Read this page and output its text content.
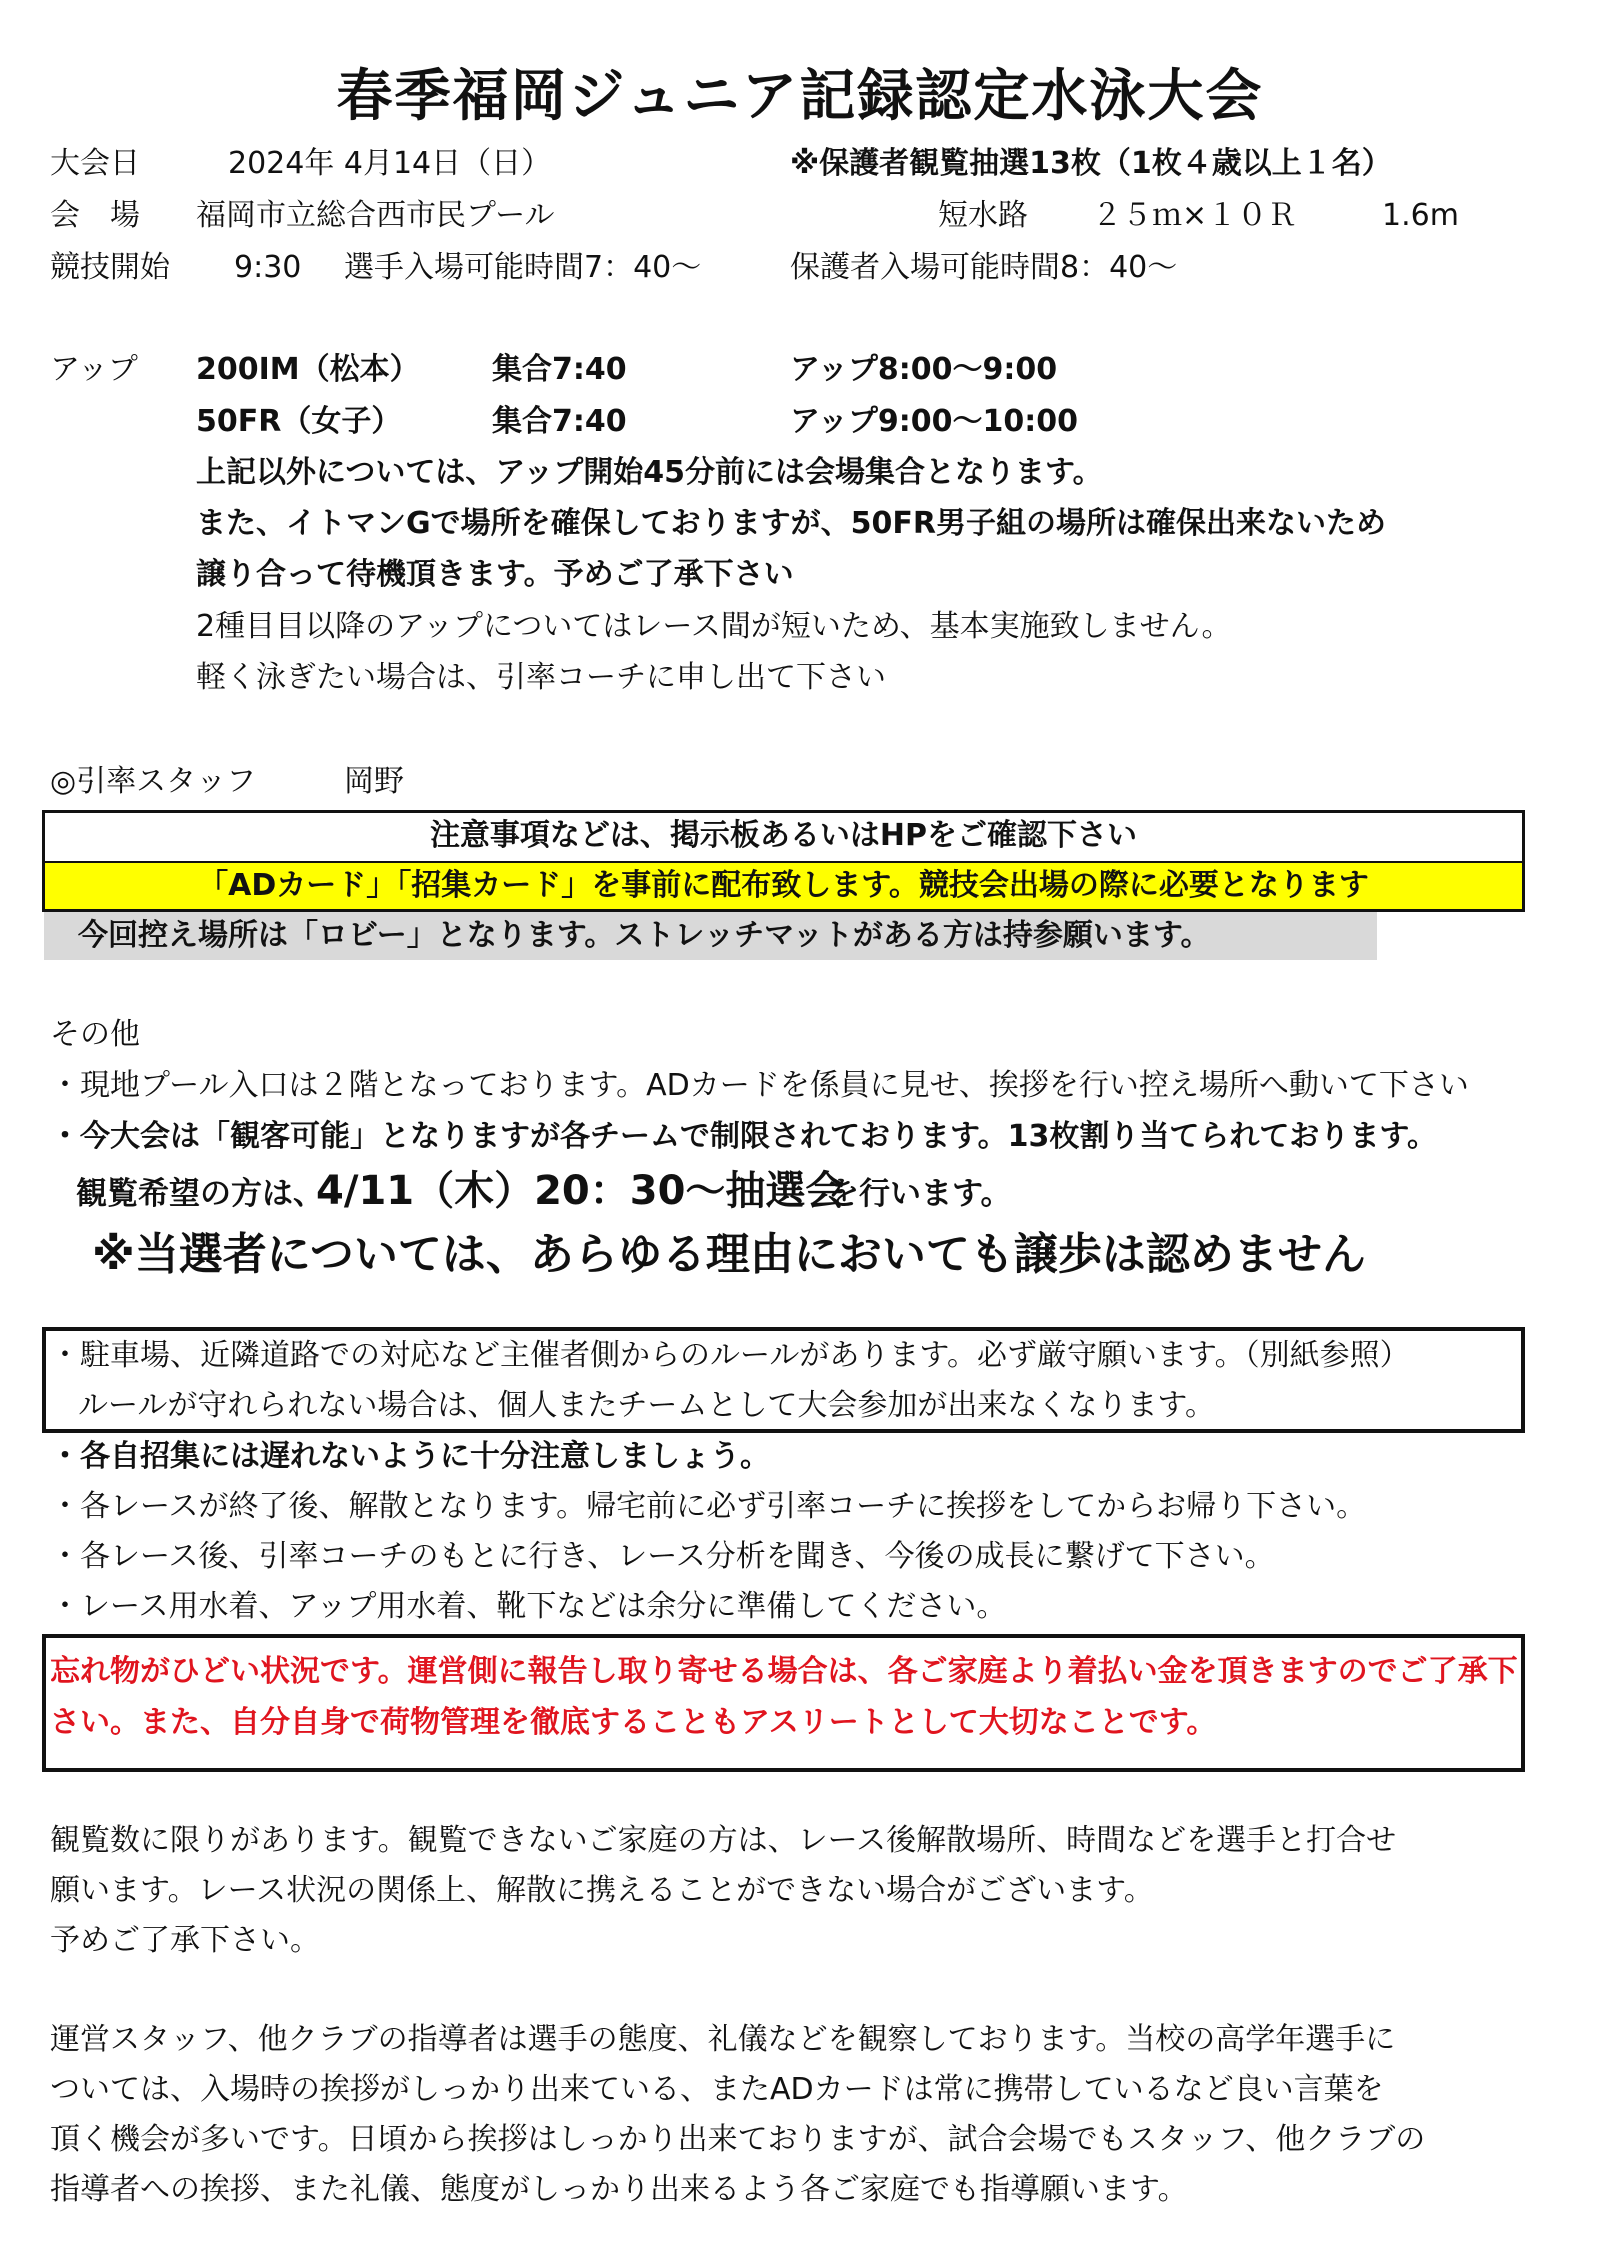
春季福岡ジュニア記録認定水泳大会
大会日	2024年 4月14日（日）	※保護者観覧抽選13枚（1枚４歳以上１名）
会　場 福岡市立総合西市民プール	短水路 ２５ｍ×１０Ｒ	1.6m
競技開始 9:30 選手入場可能時間7：40～	保護者入場可能時間8：40～
アップ 200IM（松本） 集合7:40	アップ8:00～9:00
50FR（女子）	集合7:40	アップ9:00～10:00
上記以外については、アップ開始45分前には会場集合となります。
また、イトマンGで場所を確保しておりますが、50FR男子組の場所は確保出来ないため
譲り合って待機頂きます。予めご了承下さい
2種目目以降のアップについてはレース間が短いため、基本実施致しません。
軽く泳ぎたい場合は、引率コーチに申し出て下さい
◎引率スタッフ	岡野
注意事項などは、掲示板あるいはHPをご確認下さい
「ADカード」「招集カード」を事前に配布致します。競技会出場の際に必要となります
今回控え場所は「ロビー」となります。ストレッチマットがある方は持参願います。
その他
・現地プール入口は２階となっております。ADカードを係員に見せ、挨拶を行い控え場所へ動いて下さい
・今大会は「観客可能」となりますが各チームで制限されております。13枚割り当てられております。
観覧希望の方は、
4/11（木）20：30～抽選会
を行います。
※当選者については、あらゆる理由においても譲歩は認めません
・駐車場、近隣道路での対応など主催者側からのルールがあります。必ず厳守願います。（別紙参照）
ルールが守れられない場合は、個人またチームとして大会参加が出来なくなります。
・各自招集には遅れないように十分注意しましょう。
・各レースが終了後、解散となります。帰宅前に必ず引率コーチに挨拶をしてからお帰り下さい。
・各レース後、引率コーチのもとに行き、レース分析を聞き、今後の成長に繋げて下さい。
・レース用水着、アップ用水着、靴下などは余分に準備してください。
忘れ物がひどい状況です。運営側に報告し取り寄せる場合は、各ご家庭より着払い金を頂きますのでご了承下
さい。また、自分自身で荷物管理を徹底することもアスリートとして大切なことです。
観覧数に限りがあります。観覧できないご家庭の方は、レース後解散場所、時間などを選手と打合せ
願います。レース状況の関係上、解散に携えることができない場合がございます。
予めご了承下さい。
運営スタッフ、他クラブの指導者は選手の態度、礼儀などを観察しております。当校の高学年選手に
ついては、入場時の挨拶がしっかり出来ている、またADカードは常に携帯しているなど良い言葉を
頂く機会が多いです。日頃から挨拶はしっかり出来ておりますが、試合会場でもスタッフ、他クラブの
指導者への挨拶、また礼儀、態度がしっかり出来るよう各ご家庭でも指導願います。
